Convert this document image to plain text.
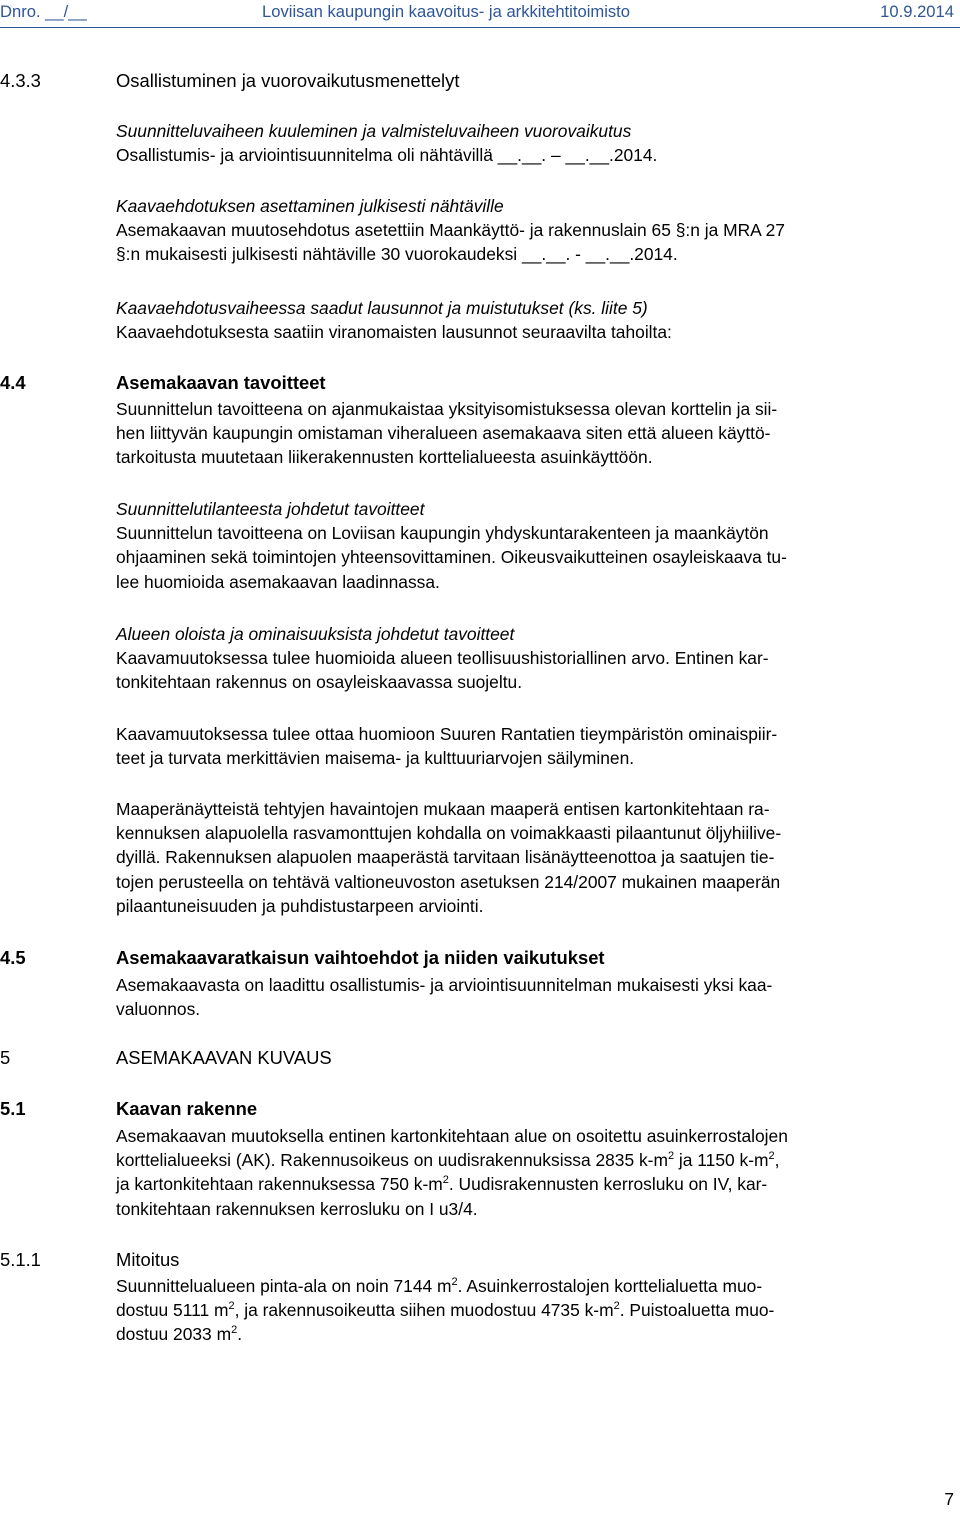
Dnro. __/__	Loviisan kaupungin kaavoitus- ja arkkitehtitoimisto	10.9.2014
4.3.3	Osallistuminen ja vuorovaikutusmenettelyt
Suunnitteluvaiheen kuuleminen ja valmisteluvaiheen vuorovaikutus
Osallistumis- ja arviointisuunnitelma oli nähtävillä __.__. – __.__.2014.
Kaavaehdotuksen asettaminen julkisesti nähtäville
Asemakaavan muutosehdotus asetettiin Maankäyttö- ja rakennuslain 65 §:n ja MRA 27
§:n mukaisesti julkisesti nähtäville 30 vuorokaudeksi __.__. - __.__.2014.
Kaavaehdotusvaiheessa saadut lausunnot ja muistutukset (ks. liite 5)
Kaavaehdotuksesta saatiin viranomaisten lausunnot seuraavilta tahoilta:
4.4	Asemakaavan tavoitteet
Suunnittelun tavoitteena on ajanmukaistaa yksityisomistuksessa olevan korttelin ja sii-
hen liittyvän kaupungin omistaman viheralueen asemakaava siten että alueen käyttö-
tarkoitusta muutetaan liikerakennusten korttelialueesta asuinkäyttöön.
Suunnittelutilanteesta johdetut tavoitteet
Suunnittelun tavoitteena on Loviisan kaupungin yhdyskuntarakenteen ja maankäytön
ohjaaminen sekä toimintojen yhteensovittaminen. Oikeusvaikutteinen osayleiskaava tu-
lee huomioida asemakaavan laadinnassa.
Alueen oloista ja ominaisuuksista johdetut tavoitteet
Kaavamuutoksessa tulee huomioida alueen teollisuushistoriallinen arvo. Entinen kar-
tonkitehtaan rakennus on osayleiskaavassa suojeltu.
Kaavamuutoksessa tulee ottaa huomioon Suuren Rantatien tieympäristön ominaispiir-
teet ja turvata merkittävien maisema- ja kulttuuriarvojen säilyminen.
Maaperänäytteistä tehtyjen havaintojen mukaan maaperä entisen kartonkitehtaan ra-
kennuksen alapuolella rasvamonttujen kohdalla on voimakkaasti pilaantunut öljyhiilive-
dyillä. Rakennuksen alapuolen maaperästä tarvitaan lisänäytteenottoa ja saatujen tie-
tojen perusteella on tehtävä valtioneuvoston asetuksen 214/2007 mukainen maaperän
pilaantuneisuuden ja puhdistustarpeen arviointi.
4.5	Asemakaavaratkaisun vaihtoehdot ja niiden vaikutukset
Asemakaavasta on laadittu osallistumis- ja arviointisuunnitelman mukaisesti yksi kaa-
valuonnos.
5	ASEMAKAAVAN KUVAUS
5.1	Kaavan rakenne
Asemakaavan muutoksella entinen kartonkitehtaan alue on osoitettu asuinkerrostalojen
korttelialueeksi (AK). Rakennusoikeus on uudisrakennuksissa 2835 $k-m^2$ ja 1150 $k-m^2$,
ja kartonkitehtaan rakennuksessa 750 $k-m^2$. Uudisrakennusten kerrosluku on IV, kar-
tonkitehtaan rakennuksen kerrosluku on I u3/4.
5.1.1	Mitoitus
Suunnittelualueen pinta-ala on noin 7144 $m^2$. Asuinkerrostalojen korttelialuetta muo-
dostuu 5111 $m^2$, ja rakennusoikeutta siihen muodostuu 4735 $k-m^2$. Puistoaluetta muo-
dostuu 2033 $m^2$.
7
